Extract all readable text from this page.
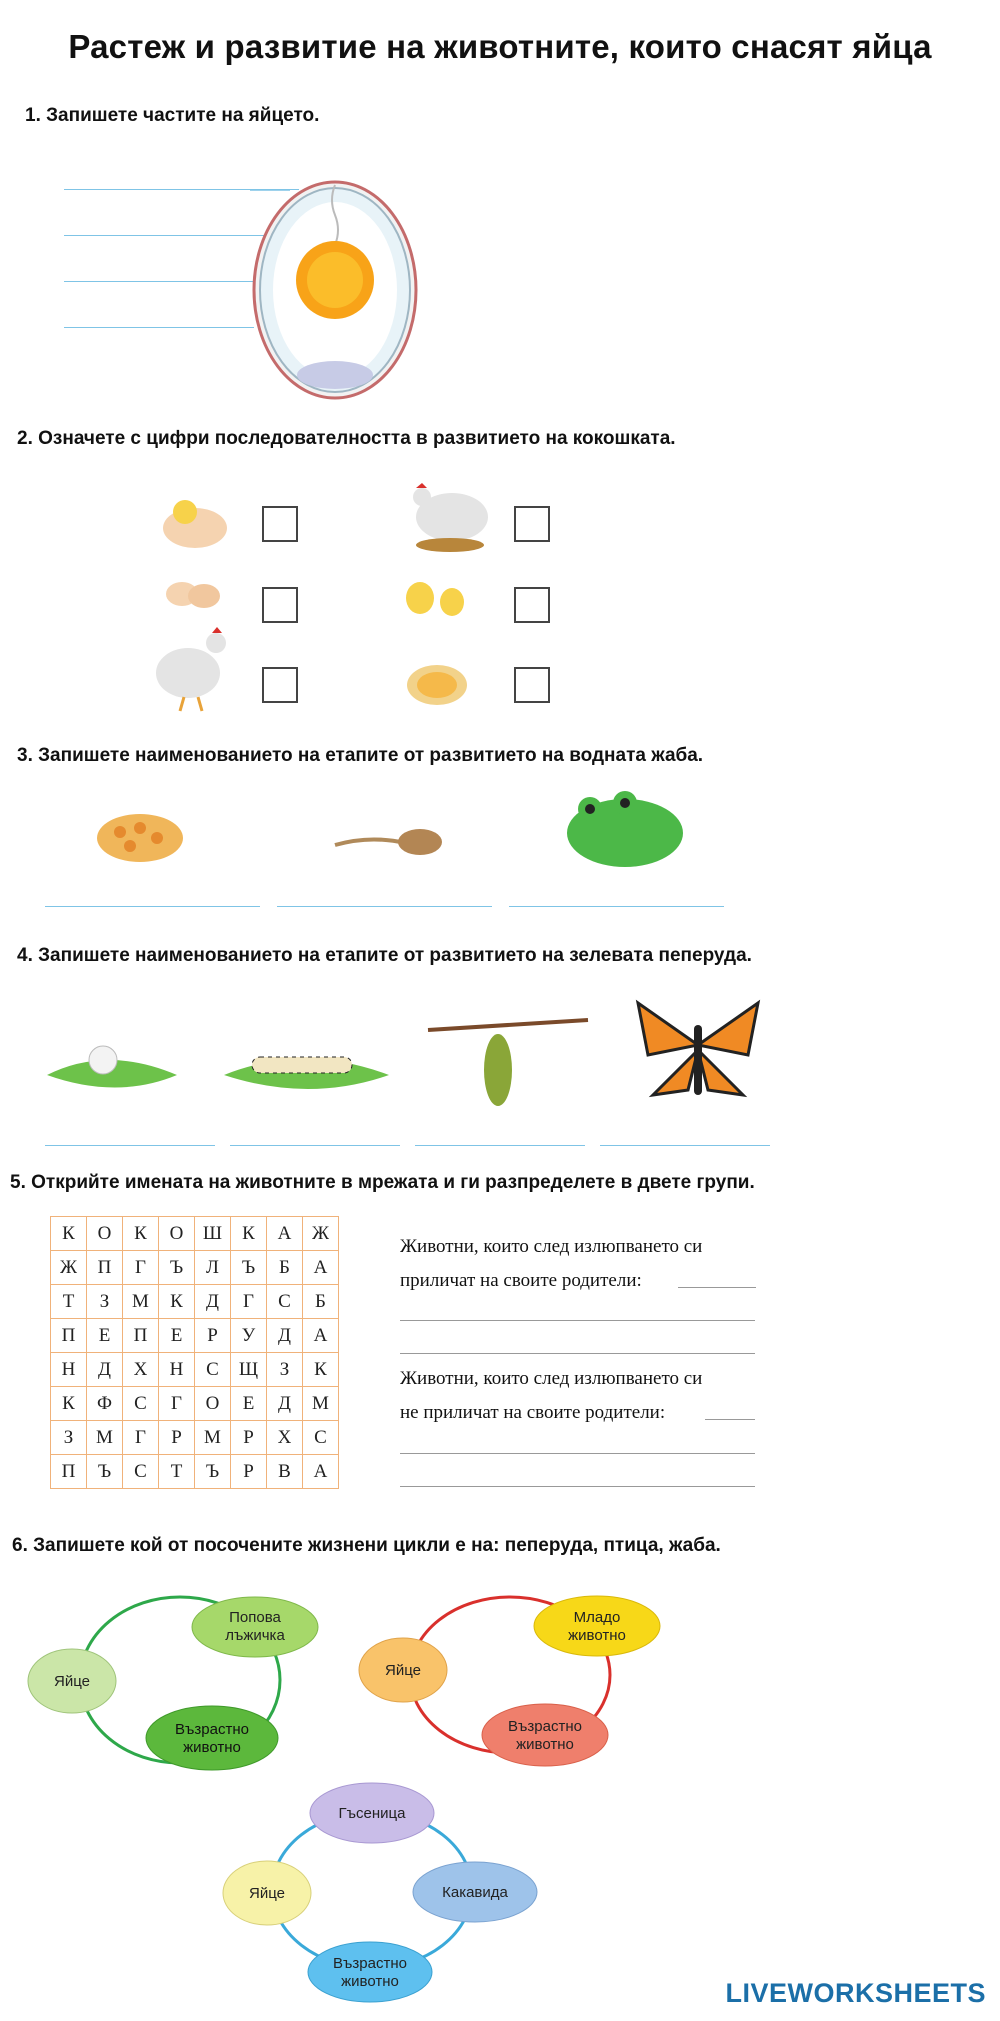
Растеж и развитие на животните, които снасят яйца

1. Запишете частите на яйцето.

2. Означете с цифри последователността в развитието на кокошката.

3. Запишете наименованието на етапите от развитието на водната жаба.

4. Запишете наименованието на етапите от развитието на зелевата пеперуда.

5. Открийте имената на животните в мрежата и ги разпределете в двете групи.

К	О	К	О	Ш	К	А	Ж
Ж	П	Г	Ъ	Л	Ъ	Б	А
Т	З	М	К	Д	Г	С	Б
П	Е	П	Е	Р	У	Д	А
Н	Д	Х	Н	С	Щ	З	К
К	Ф	С	Г	О	Е	Д	М
З	М	Г	Р	М	Р	Х	С
П	Ъ	С	Т	Ъ	Р	В	А
Животни, които след излюпването си
приличат на своите родители:
Животни, които след излюпването си
не приличат на своите родители:

6. Запишете кой от посочените жизнени цикли е на: пеперуда, птица, жаба.

Попова
лъжичка
Яйце
Възрастно
животно
Младо
животно
Яйце
Възрастно
животно
Гъсеница
Яйце	Какавида
Възрастно
животно	LIVEWORKSHEETS
